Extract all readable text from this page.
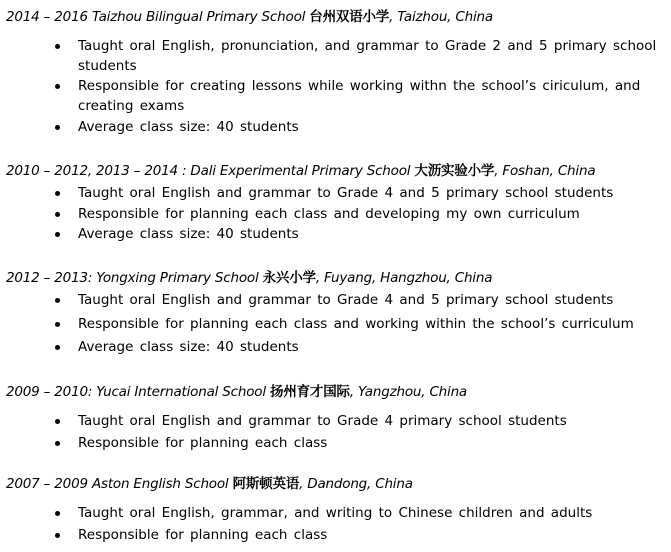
2014 – 2016 Taizhou Bilingual Primary School 台州双语小学, Taizhou, China
Taught oral English, pronunciation, and grammar to Grade 2 and 5 primary school students
Responsible for creating lessons while working withn the school’s ciriculum, and creating exams
Average class size: 40 students
2010 – 2012, 2013 – 2014 : Dali Experimental Primary School 大沥实验小学, Foshan, China
Taught oral English and grammar to Grade 4 and 5 primary school students
Responsible for planning each class and developing my own curriculum
Average class size: 40 students
2012 – 2013: Yongxing Primary School 永兴小学, Fuyang, Hangzhou, China
Taught oral English and grammar to Grade 4 and 5 primary school students
Responsible for planning each class and working within the school’s curriculum
Average class size: 40 students
2009 – 2010: Yucai International School 扬州育才国际, Yangzhou, China
Taught oral English and grammar to Grade 4 primary school students
Responsible for planning each class
2007 – 2009 Aston English School 阿斯顿英语, Dandong, China
Taught oral English, grammar, and writing to Chinese children and adults
Responsible for planning each class
